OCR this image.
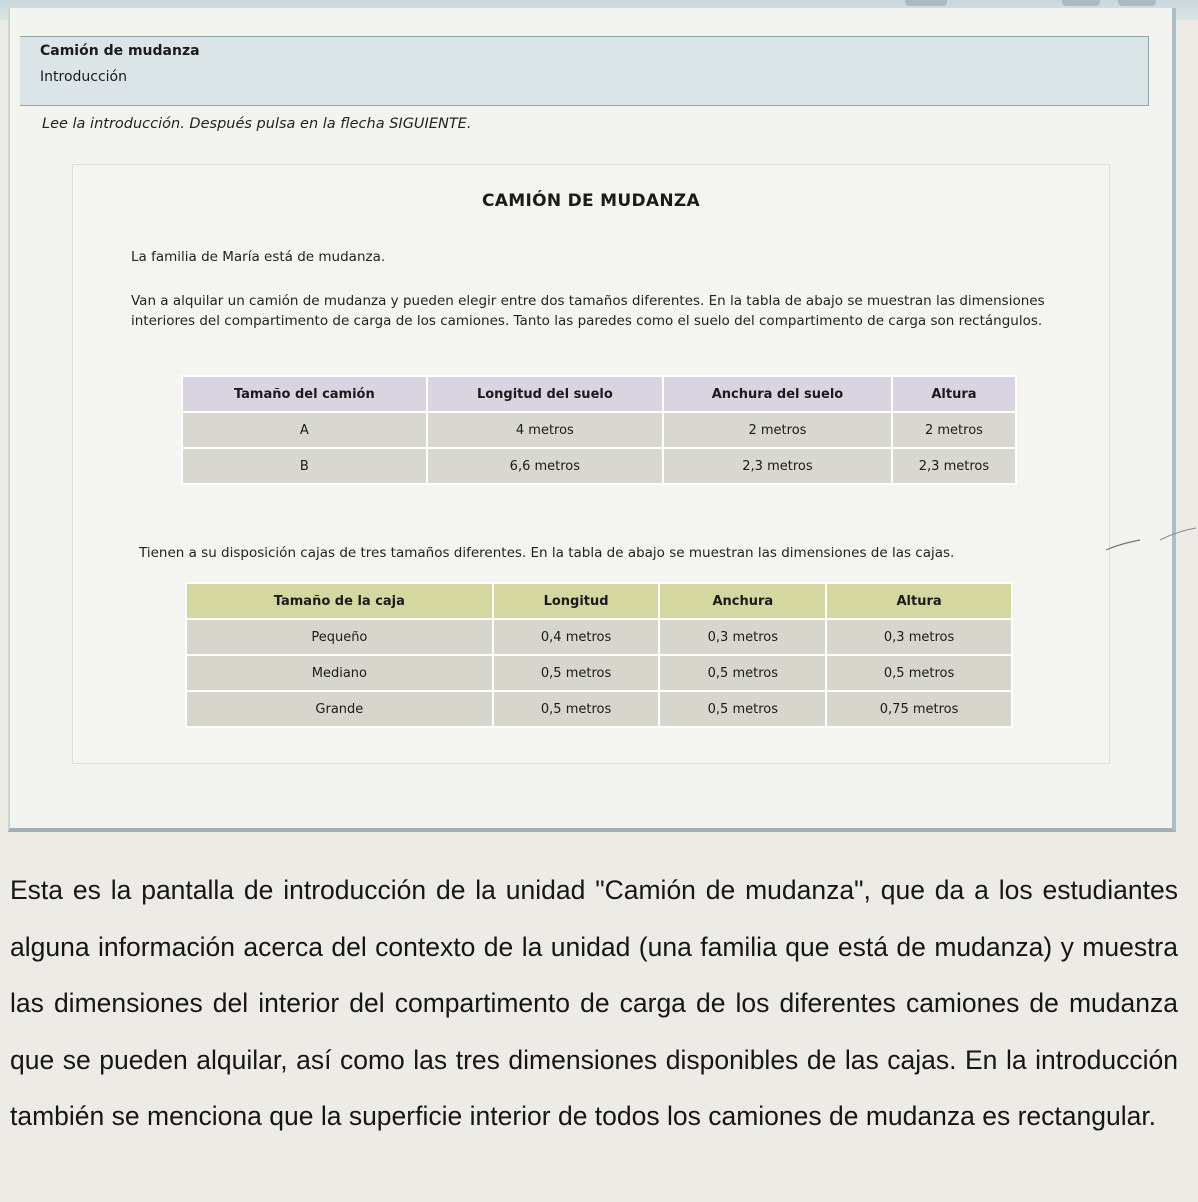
Camión de mudanza
Introducción
Lee la introducción. Después pulsa en la flecha SIGUIENTE.
CAMIÓN DE MUDANZA
La familia de María está de mudanza.
Van a alquilar un camión de mudanza y pueden elegir entre dos tamaños diferentes. En la tabla de abajo se muestran las dimensiones interiores del compartimento de carga de los camiones. Tanto las paredes como el suelo del compartimento de carga son rectángulos.
Tamaño del camión	Longitud del suelo	Anchura del suelo	Altura
A	4 metros	2 metros	2 metros
B	6,6 metros	2,3 metros	2,3 metros
Tienen a su disposición cajas de tres tamaños diferentes. En la tabla de abajo se muestran las dimensiones de las cajas.
Tamaño de la caja	Longitud	Anchura	Altura
Pequeño	0,4 metros	0,3 metros	0,3 metros
Mediano	0,5 metros	0,5 metros	0,5 metros
Grande	0,5 metros	0,5 metros	0,75 metros
Esta es la pantalla de introducción de la unidad "Camión de mudanza", que da a los estudiantes alguna información acerca del contexto de la unidad (una familia que está de mudanza) y muestra las dimensiones del interior del compartimento de carga de los diferentes camiones de mudanza que se pueden alquilar, así como las tres dimensiones disponibles de las cajas. En la introducción también se menciona que la superficie interior de todos los camiones de mudanza es rectangular.
